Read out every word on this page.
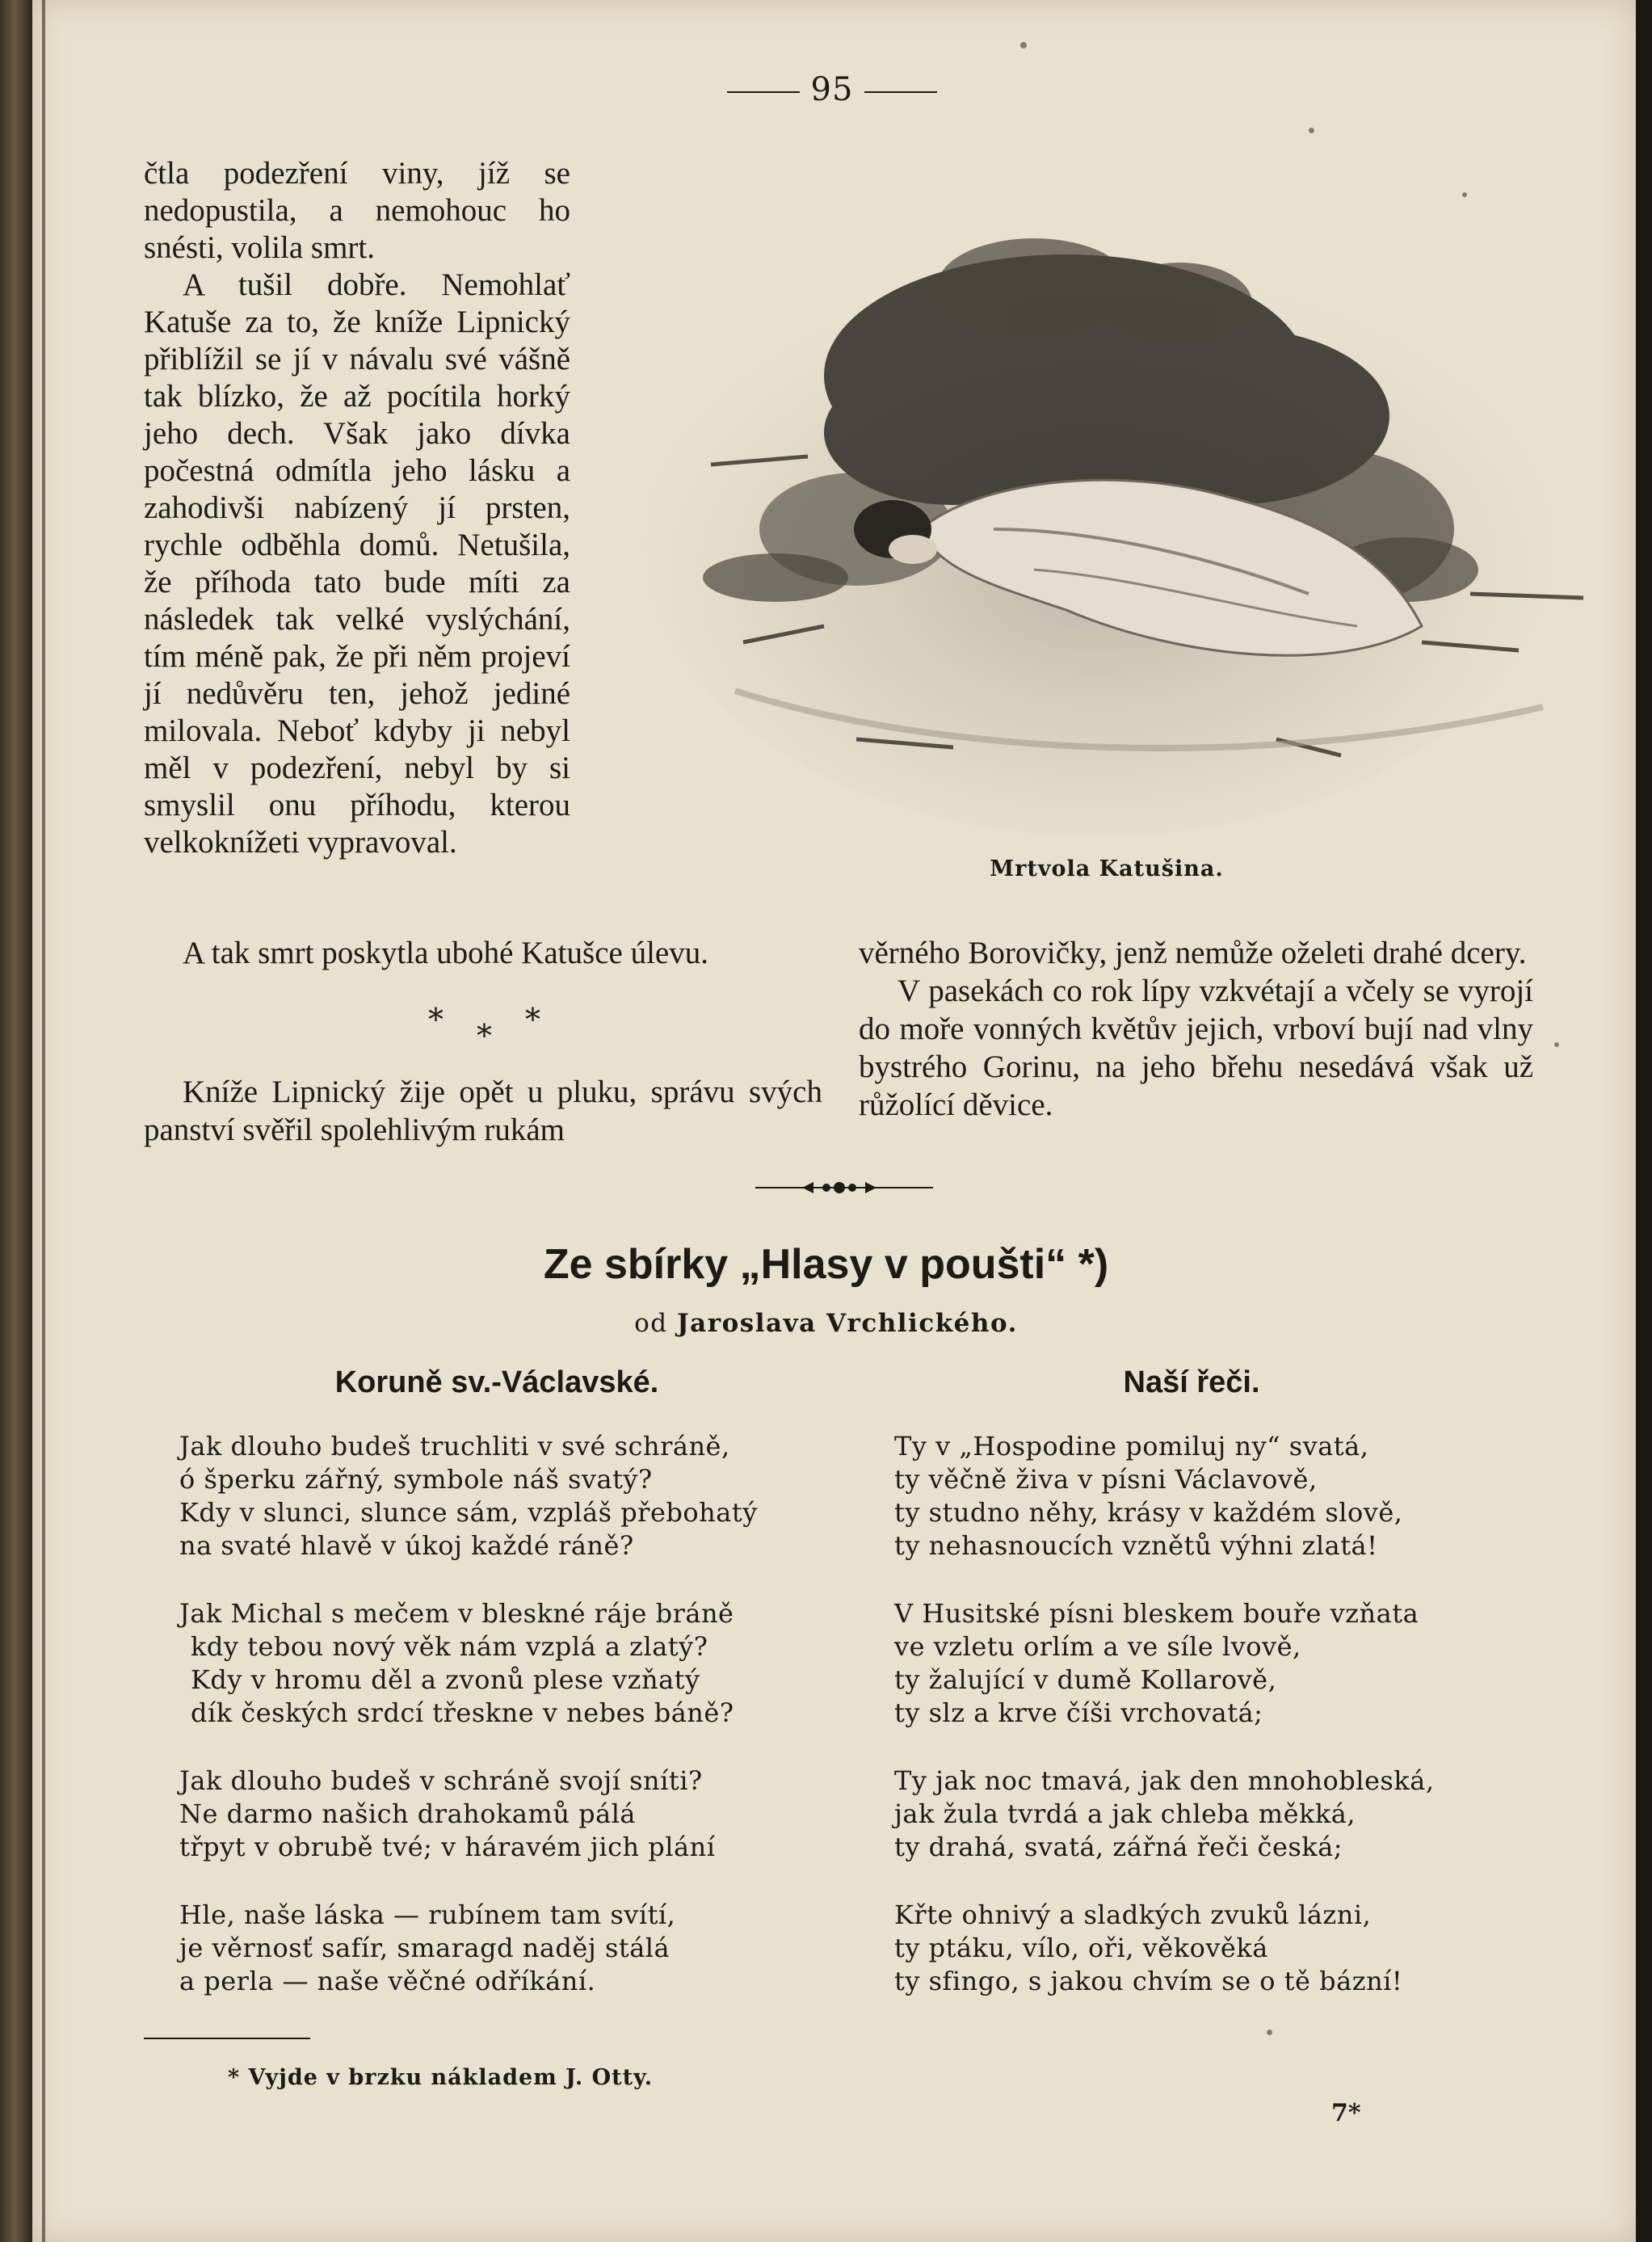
95

čtla podezření viny, jíž se nedopustila, a nemohouc ho snésti, volila smrt.

A tušil dobře. Nemohlať Katuše za to, že kníže Lipnický přiblížil se jí v návalu své vášně tak blízko, že až pocítila horký jeho dech. Však jako dívka počestná odmítla jeho lásku a zahodivši nabízený jí prsten, rychle odběhla domů. Netušila, že příhoda tato bude míti za následek tak velké vyslýchání, tím méně pak, že při něm projeví jí nedůvěru ten, jehož jediné milovala. Neboť kdyby ji nebyl měl v podezření, nebyl by si smyslil onu příhodu, kterou velkoknížeti vypravoval.

Mrtvola Katušina.

A tak smrt poskytla ubohé Katušce úlevu.

* * *

Kníže Lipnický žije opět u pluku, správu svých panství svěřil spolehlivým rukám

věrného Borovičky, jenž nemůže oželeti drahé dcery.

V pasekách co rok lípy vzkvétají a včely se vyrojí do moře vonných květův jejich, vrboví bují nad vlny bystrého Gorinu, na jeho břehu nesedává však už růžolící děvice.

Ze sbírky „Hlasy v poušti“ *)
od Jaroslava Vrchlického.
Koruně sv.-Václavské.	Naší řeči.
Jak dlouho budeš truchliti v své schráně,
ó šperku zářný, symbole náš svatý?
Kdy v slunci, slunce sám, vzpláš přebohatý
na svaté hlavě v úkoj každé ráně?
Jak Michal s mečem v bleskné ráje bráně
kdy tebou nový věk nám vzplá a zlatý?
Kdy v hromu děl a zvonů plese vzňatý
dík českých srdcí třeskne v nebes báně?
Jak dlouho budeš v schráně svojí sníti?
Ne darmo našich drahokamů pálá
třpyt v obrubě tvé; v háravém jich plání
Hle, naše láska — rubínem tam svítí,
je věrnosť safír, smaragd naděj stálá
a perla — naše věčné odříkání.
Ty v „Hospodine pomiluj ny“ svatá,
ty věčně živa v písni Václavově,
ty studno něhy, krásy v každém slově,
ty nehasnoucích vznětů výhni zlatá!
V Husitské písni bleskem bouře vzňata
ve vzletu orlím a ve síle lvově,
ty žalující v dumě Kollarově,
ty slz a krve číši vrchovatá;
Ty jak noc tmavá, jak den mnohobleská,
jak žula tvrdá a jak chleba měkká,
ty drahá, svatá, zářná řeči česká;
Křte ohnivý a sladkých zvuků lázni,
ty ptáku, vílo, oři, věkověká
ty sfingo, s jakou chvím se o tě bázní!
* Vyjde v brzku nákladem J. Otty.
7*
